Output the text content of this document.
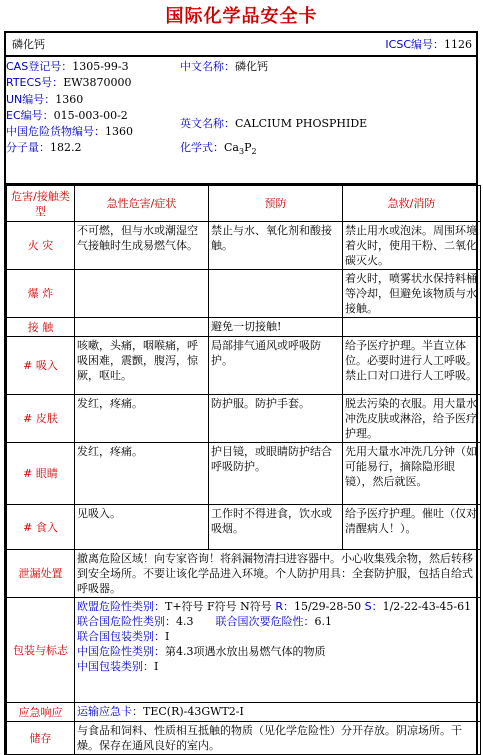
国际化学品安全卡
磷化钙	ICSC编号：1126
CAS登记号：1305-99-3
RTECS号：EW3870000
UN编号：1360
EC编号：015-003-00-2
中国危险货物编号：1360
分子量：182.2
中文名称：磷化钙
英文名称：CALCIUM PHOSPHIDE
化学式：$Ca_3P_2$
危害/接触类型	急性危害/症状	预防	急救/消防
火 灾	不可燃，但与水或潮湿空气接触时生成易燃气体。	禁止与水、氧化剂和酸接触。	禁止用水或泡沫。周围环境着火时，使用干粉、二氧化碳灭火。
爆 炸			着火时，喷雾状水保持料桶等冷却，但避免该物质与水接触。
接 触		避免一切接触!	
# 吸入	咳嗽，头痛，咽喉痛，呼吸困难，震颤，腹泻，惊厥，呕吐。	局部排气通风或呼吸防护。	给予医疗护理。半直立体位。必要时进行人工呼吸。禁止口对口进行人工呼吸。
# 皮肤	发红，疼痛。	防护服。防护手套。	脱去污染的衣服。用大量水冲洗皮肤或淋浴，给予医疗护理。
# 眼睛	发红，疼痛。	护目镜，或眼睛防护结合呼吸防护。	先用大量水冲洗几分钟（如可能易行，摘除隐形眼镜），然后就医。
# 食入	见吸入。	工作时不得进食，饮水或吸烟。	给予医疗护理。催吐（仅对清醒病人！）。
泄漏处置	撤离危险区域！向专家咨询！将斜漏物清扫进容器中。小心收集残余物，然后转移到安全场所。不要让该化学品进入环境。个人防护用具：全套防护服，包括自给式呼吸器。		
包装与标志	欧盟危险性类别：T+符号 F符号 N符号 R：15/29-28-50 S：1/2-22-43-45-61
联合国危险性类别：4.3 联合国次要危险性：6.1
联合国包装类别：I
中国危险性类别：第4.3项遇水放出易燃气体的物质
中国包装类别：I		

应急响应	运输应急卡：TEC(R)-43GWT2-I		
储存	与食品和饲料、性质相互抵触的物质（见化学危险性）分开存放。阴凉场所。干燥。保存在通风良好的室内。		
